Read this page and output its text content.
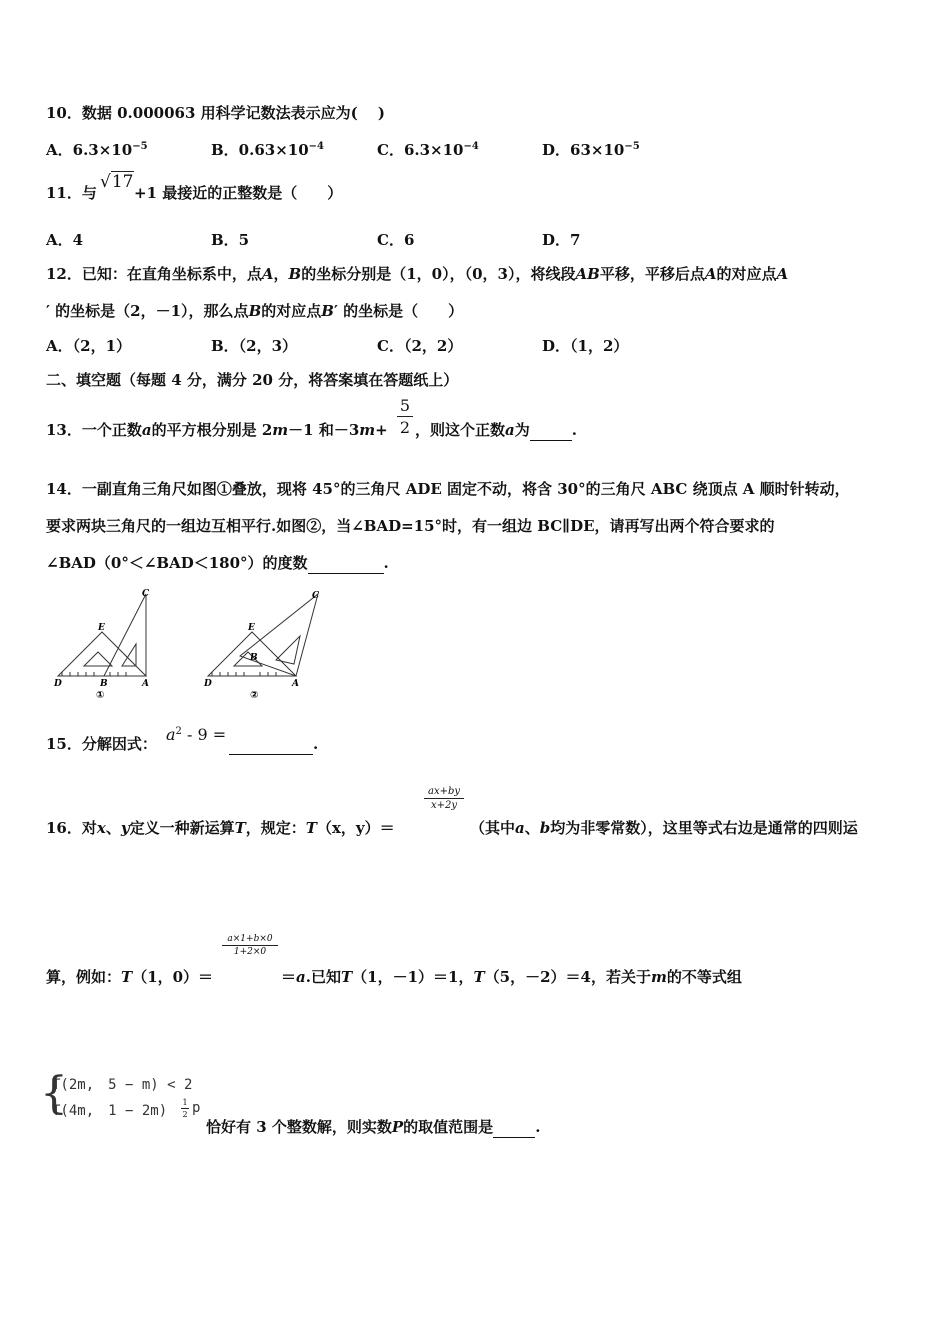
10．数据 0.000063 用科学记数法表示应为(　 )
A．$6.3\times 10^{-5}$	B．$0.63\times 10^{-4}$	C．$6.3\times 10^{-4}$	D．$63\times 10^{-5}$
11．与
√17
+1 最接近的正整数是（　　）
A．4	B．5	C．6	D．7
12．已知：在直角坐标系中，点A，B的坐标分别是（1，0），（0，3），将线段AB平移，平移后点A的对应点A
′ 的坐标是（2，－1），那么点B的对应点B′ 的坐标是（　　）
A．（2，1）	B．（2，3）	C．（2，2）	D．（1，2）
二、填空题（每题 4 分，满分 20 分，将答案填在答题纸上）
13．一个正数a的平方根分别是 2m－1 和－3m+
5
2 ，则这个正数a为	.
14．一副直角三角尺如图①叠放，现将 45°的三角尺 ADE 固定不动，将含 30°的三角尺 ABC 绕顶点 A 顺时针转动，
要求两块三角尺的一组边互相平行.如图②，当∠BAD=15°时，有一组边 BC∥DE，请再写出两个符合要求的
∠BAD（0°＜∠BAD＜180°）的度数	.
C
E
D	B	A
①
C
E
B
D	A
②
15．分解因式： $a^2 - 9$ =	.
16．对x、y定义一种新运算T，规定：T（x，y）＝
ax+by
x+2y
（其中a、b均为非零常数），这里等式右边是通常的四则运
算，例如：T（1，0）＝
a×1+b×0
1+2×0
＝a.已知T（1，－1）＝1，T（5，－2）＝4，若关于m的不等式组
{
T(2m,　5 − m) < 2
T(4m,　1 − 2m)
1
2 p
恰好有 3 个整数解，则实数P的取值范围是	.
